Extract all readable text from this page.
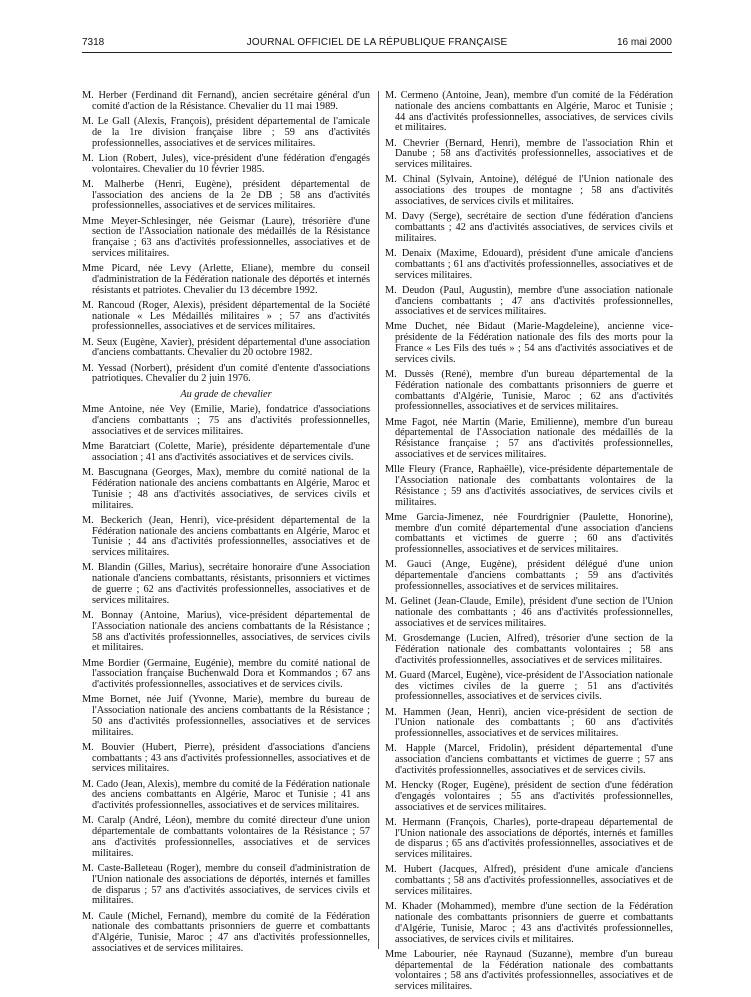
7318	JOURNAL OFFICIEL DE LA RÉPUBLIQUE FRANÇAISE	16 mai 2000

M. Herber (Ferdinand dit Fernand), ancien secrétaire général d'un comité d'action de la Résistance. Chevalier du 11 mai 1989.

M. Le Gall (Alexis, François), président départemental de l'amicale de la 1re division française libre ; 59 ans d'activités professionnelles, associatives et de services militaires.

M. Lion (Robert, Jules), vice-président d'une fédération d'engagés volontaires. Chevalier du 10 février 1985.

M. Malherbe (Henri, Eugène), président départemental de l'association des anciens de la 2e DB ; 58 ans d'activités professionnelles, associatives et de services militaires.

Mme Meyer-Schlesinger, née Geismar (Laure), trésorière d'une section de l'Association nationale des médaillés de la Résistance française ; 63 ans d'activités professionnelles, associatives et de services militaires.

Mme Picard, née Levy (Arlette, Eliane), membre du conseil d'administration de la Fédération nationale des déportés et internés résistants et patriotes. Chevalier du 13 décembre 1992.

M. Rancoud (Roger, Alexis), président départemental de la Société nationale « Les Médaillés militaires » ; 57 ans d'activités professionnelles, associatives et de services militaires.

M. Seux (Eugène, Xavier), président départemental d'une association d'anciens combattants. Chevalier du 20 octobre 1982.

M. Yessad (Norbert), président d'un comité d'entente d'associations patriotiques. Chevalier du 2 juin 1976.

Au grade de chevalier

Mme Antoine, née Vey (Emilie, Marie), fondatrice d'associations d'anciens combattants ; 75 ans d'activités professionnelles, associatives et de services militaires.

Mme Baratciart (Colette, Marie), présidente départementale d'une association ; 41 ans d'activités associatives et de services civils.

M. Bascugnana (Georges, Max), membre du comité national de la Fédération nationale des anciens combattants en Algérie, Maroc et Tunisie ; 48 ans d'activités associatives, de services civils et militaires.

M. Beckerich (Jean, Henri), vice-président départemental de la Fédération nationale des anciens combattants en Algérie, Maroc et Tunisie ; 44 ans d'activités professionnelles, associatives et de services militaires.

M. Blandin (Gilles, Marius), secrétaire honoraire d'une Association nationale d'anciens combattants, résistants, prisonniers et victimes de guerre ; 62 ans d'activités professionnelles, associatives et de services militaires.

M. Bonnay (Antoine, Marius), vice-président départemental de l'Association nationale des anciens combattants de la Résistance ; 58 ans d'activités professionnelles, associatives, de services civils et militaires.

Mme Bordier (Germaine, Eugénie), membre du comité national de l'association française Buchenwald Dora et Kommandos ; 67 ans d'activités professionnelles, associatives et de services civils.

Mme Bornet, née Juif (Yvonne, Marie), membre du bureau de l'Association nationale des anciens combattants de la Résistance ; 50 ans d'activités professionnelles, associatives et de services militaires.

M. Bouvier (Hubert, Pierre), président d'associations d'anciens combattants ; 43 ans d'activités professionnelles, associatives et de services militaires.

M. Cado (Jean, Alexis), membre du comité de la Fédération nationale des anciens combattants en Algérie, Maroc et Tunisie ; 41 ans d'activités professionnelles, associatives et de services militaires.

M. Caralp (André, Léon), membre du comité directeur d'une union départementale de combattants volontaires de la Résistance ; 57 ans d'activités professionnelles, associatives et de services militaires.

M. Caste-Balleteau (Roger), membre du conseil d'administration de l'Union nationale des associations de déportés, internés et familles de disparus ; 57 ans d'activités associatives, de services civils et militaires.

M. Caule (Michel, Fernand), membre du comité de la Fédération nationale des combattants prisonniers de guerre et combattants d'Algérie, Tunisie, Maroc ; 47 ans d'activités professionnelles, associatives et de services militaires.

M. Cermeno (Antoine, Jean), membre d'un comité de la Fédération nationale des anciens combattants en Algérie, Maroc et Tunisie ; 44 ans d'activités professionnelles, associatives, de services civils et militaires.

M. Chevrier (Bernard, Henri), membre de l'association Rhin et Danube ; 58 ans d'activités professionnelles, associatives et de services militaires.

M. Chinal (Sylvain, Antoine), délégué de l'Union nationale des associations des troupes de montagne ; 58 ans d'activités associatives, de services civils et militaires.

M. Davy (Serge), secrétaire de section d'une fédération d'anciens combattants ; 42 ans d'activités associatives, de services civils et militaires.

M. Denaix (Maxime, Edouard), président d'une amicale d'anciens combattants ; 61 ans d'activités professionnelles, associatives et de services militaires.

M. Deudon (Paul, Augustin), membre d'une association nationale d'anciens combattants ; 47 ans d'activités professionnelles, associatives et de services militaires.

Mme Duchet, née Bidaut (Marie-Magdeleine), ancienne vice-présidente de la Fédération nationale des fils des morts pour la France « Les Fils des tués » ; 54 ans d'activités associatives et de services civils.

M. Dussès (René), membre d'un bureau départemental de la Fédération nationale des combattants prisonniers de guerre et combattants d'Algérie, Tunisie, Maroc ; 62 ans d'activités professionnelles, associatives et de services militaires.

Mme Fagot, née Martin (Marie, Emilienne), membre d'un bureau départemental de l'Association nationale des médaillés de la Résistance française ; 57 ans d'activités professionnelles, associatives et de services militaires.

Mlle Fleury (France, Raphaëlle), vice-présidente départementale de l'Association nationale des combattants volontaires de la Résistance ; 59 ans d'activités associatives, de services civils et militaires.

Mme Garcia-Jimenez, née Fourdrignier (Paulette, Honorine), membre d'un comité départemental d'une association d'anciens combattants et victimes de guerre ; 60 ans d'activités professionnelles, associatives et de services militaires.

M. Gauci (Ange, Eugène), président délégué d'une union départementale d'anciens combattants ; 59 ans d'activités professionnelles, associatives et de services militaires.

M. Gelinet (Jean-Claude, Emile), président d'une section de l'Union nationale des combattants ; 46 ans d'activités professionnelles, associatives et de services militaires.

M. Grosdemange (Lucien, Alfred), trésorier d'une section de la Fédération nationale des combattants volontaires ; 58 ans d'activités professionnelles, associatives et de services militaires.

M. Guard (Marcel, Eugène), vice-président de l'Association nationale des victimes civiles de la guerre ; 51 ans d'activités professionnelles, associatives et de services civils.

M. Hammen (Jean, Henri), ancien vice-président de section de l'Union nationale des combattants ; 60 ans d'activités professionnelles, associatives et de services militaires.

M. Happle (Marcel, Fridolin), président départemental d'une association d'anciens combattants et victimes de guerre ; 57 ans d'activités professionnelles, associatives et de services civils.

M. Hencky (Roger, Eugène), président de section d'une fédération d'engagés volontaires ; 55 ans d'activités professionnelles, associatives et de services militaires.

M. Hermann (François, Charles), porte-drapeau départemental de l'Union nationale des associations de déportés, internés et familles de disparus ; 65 ans d'activités professionnelles, associatives et de services militaires.

M. Hubert (Jacques, Alfred), président d'une amicale d'anciens combattants ; 58 ans d'activités professionnelles, associatives et de services militaires.

M. Khader (Mohammed), membre d'une section de la Fédération nationale des combattants prisonniers de guerre et combattants d'Algérie, Tunisie, Maroc ; 43 ans d'activités professionnelles, associatives, de services civils et militaires.

Mme Labourier, née Raynaud (Suzanne), membre d'un bureau départemental de la Fédération nationale des combattants volontaires ; 58 ans d'activités professionnelles, associatives et de services militaires.
